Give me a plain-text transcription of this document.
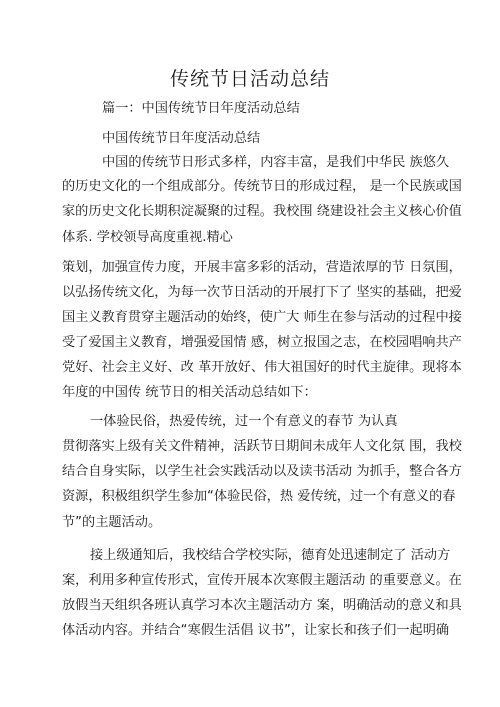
传统节日活动总结
篇一：中国传统节日年度活动总结
中国传统节日年度活动总结
中国的传统节日形式多样，内容丰富，是我们中华民 族悠久
的历史文化的一个组成部分。传统节日的形成过程， 是一个民族或国
家的历史文化长期积淀凝聚的过程。我校围 绕建设社会主义核心价值
体系. 学校领导高度重视.精心
策划，加强宣传力度，开展丰富多彩的活动，营造浓厚的节 日氛围，
以弘扬传统文化，为每一次节日活动的开展打下了 坚实的基础，把爱
国主义教育贯穿主题活动的始终，使广大 师生在参与活动的过程中接
受了爱国主义教育，增强爱国情 感，树立报国之志，在校园唱响共产
党好、社会主义好、改 革开放好、伟大祖国好的时代主旋律。现将本
年度的中国传 统节日的相关活动总结如下：
一体验民俗，热爱传统，过一个有意义的春节 为认真
贯彻落实上级有关文件精神，活跃节日期间未成年人文化氛 围，我校
结合自身实际，以学生社会实践活动以及读书活动 为抓手，整合各方
资源，积极组织学生参加“体验民俗，热 爱传统，过一个有意义的春
节”的主题活动。
接上级通知后，我校结合学校实际，德育处迅速制定了 活动方
案，利用多种宣传形式，宣传开展本次寒假主题活动 的重要意义。在
放假当天组织各班认真学习本次主题活动方 案，明确活动的意义和具
体活动内容。并结合“寒假生活倡 议书”，让家长和孩子们一起明确
